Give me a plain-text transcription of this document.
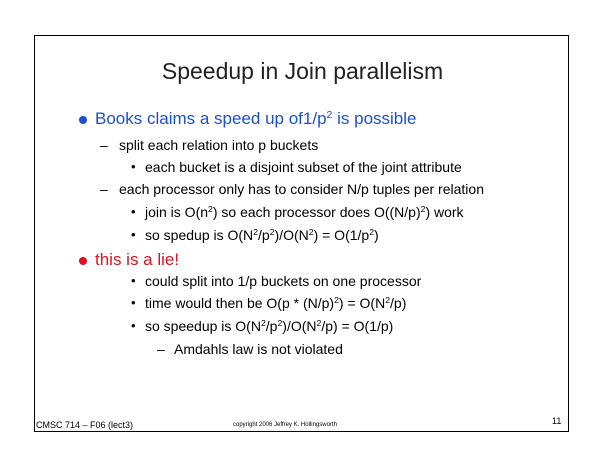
Speedup in Join parallelism
Books claims a speed up $of1/p^2$ is possible
– split each relation into p buckets
• each bucket is a disjoint subset of the joint attribute
– each processor only has to consider N/p tuples per relation
• join is $O(n^2)$ so each processor does $O((N/p)^2)$ work
• so spedup is $O(N^2/p^2)/O(N^2) = O(1/p^2)$
this is a lie!
• could split into 1/p buckets on one processor
• time would then be $O(p * (N/p)^2) = O(N^2/p)$
• so speedup is $O(N^2/p^2)/O(N^2/p) = O(1/p)$
– Amdahls law is not violated
CMSC 714 – F06 (lect3)	copyright 2006 Jeffrey K. Hollingsworth	11
